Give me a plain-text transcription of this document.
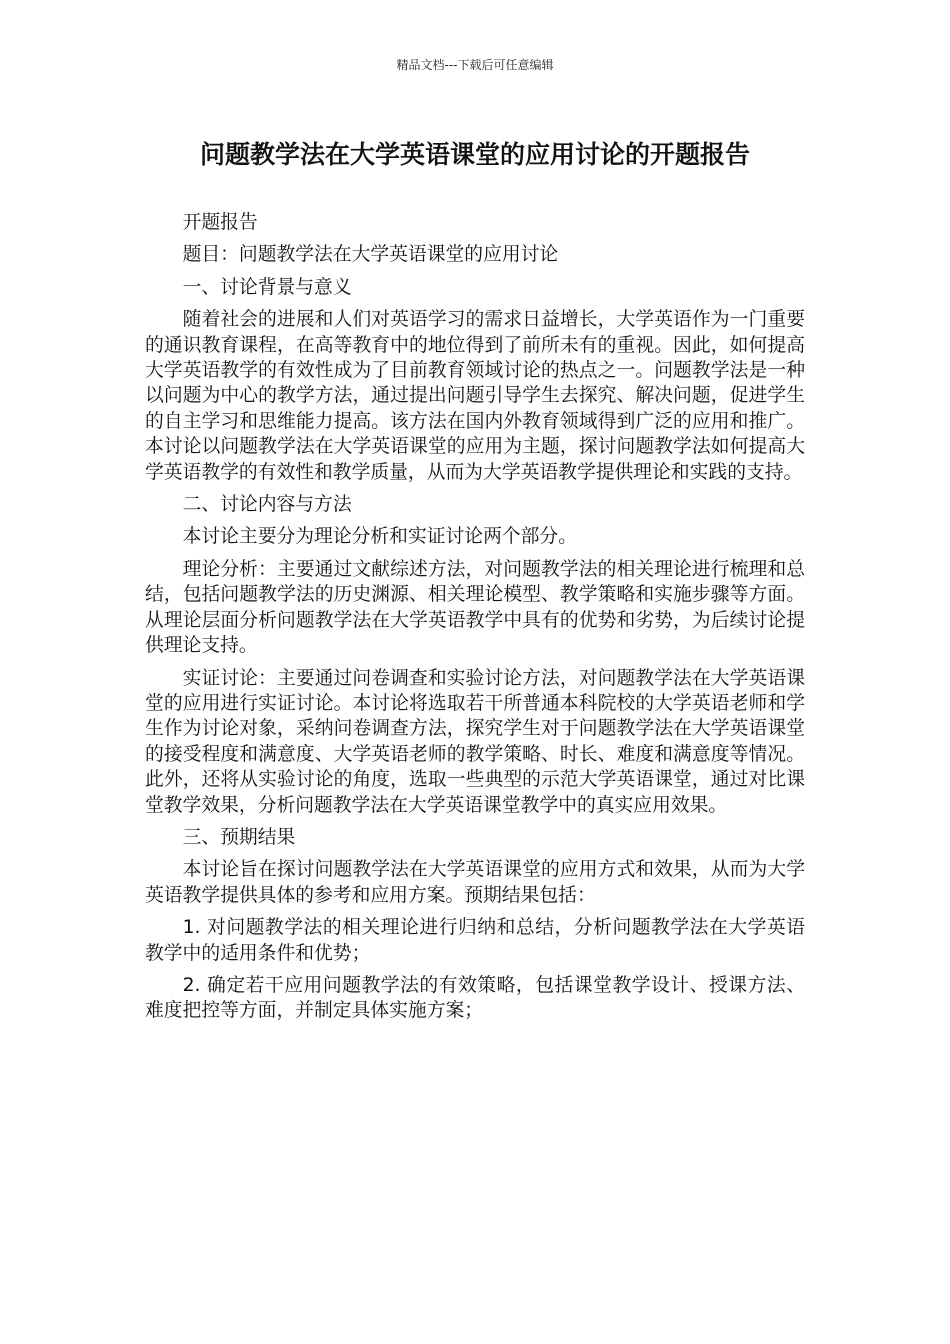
精品文档---下载后可任意编辑
问题教学法在大学英语课堂的应用讨论的开题报告

开题报告

题目：问题教学法在大学英语课堂的应用讨论

一、讨论背景与意义

随着社会的进展和人们对英语学习的需求日益增长，大学英语作为一门重要的通识教育课程，在高等教育中的地位得到了前所未有的重视。因此，如何提高大学英语教学的有效性成为了目前教育领域讨论的热点之一。问题教学法是一种以问题为中心的教学方法，通过提出问题引导学生去探究、解决问题，促进学生的自主学习和思维能力提高。该方法在国内外教育领域得到广泛的应用和推广。本讨论以问题教学法在大学英语课堂的应用为主题，探讨问题教学法如何提高大学英语教学的有效性和教学质量，从而为大学英语教学提供理论和实践的支持。

二、讨论内容与方法

本讨论主要分为理论分析和实证讨论两个部分。

理论分析：主要通过文献综述方法，对问题教学法的相关理论进行梳理和总结，包括问题教学法的历史渊源、相关理论模型、教学策略和实施步骤等方面。从理论层面分析问题教学法在大学英语教学中具有的优势和劣势，为后续讨论提供理论支持。

实证讨论：主要通过问卷调查和实验讨论方法，对问题教学法在大学英语课堂的应用进行实证讨论。本讨论将选取若干所普通本科院校的大学英语老师和学生作为讨论对象，采纳问卷调查方法，探究学生对于问题教学法在大学英语课堂的接受程度和满意度、大学英语老师的教学策略、时长、难度和满意度等情况。此外，还将从实验讨论的角度，选取一些典型的示范大学英语课堂，通过对比课堂教学效果，分析问题教学法在大学英语课堂教学中的真实应用效果。

三、预期结果

本讨论旨在探讨问题教学法在大学英语课堂的应用方式和效果，从而为大学英语教学提供具体的参考和应用方案。预期结果包括：

1. 对问题教学法的相关理论进行归纳和总结，分析问题教学法在大学英语教学中的适用条件和优势；

2. 确定若干应用问题教学法的有效策略，包括课堂教学设计、授课方法、难度把控等方面，并制定具体实施方案；
